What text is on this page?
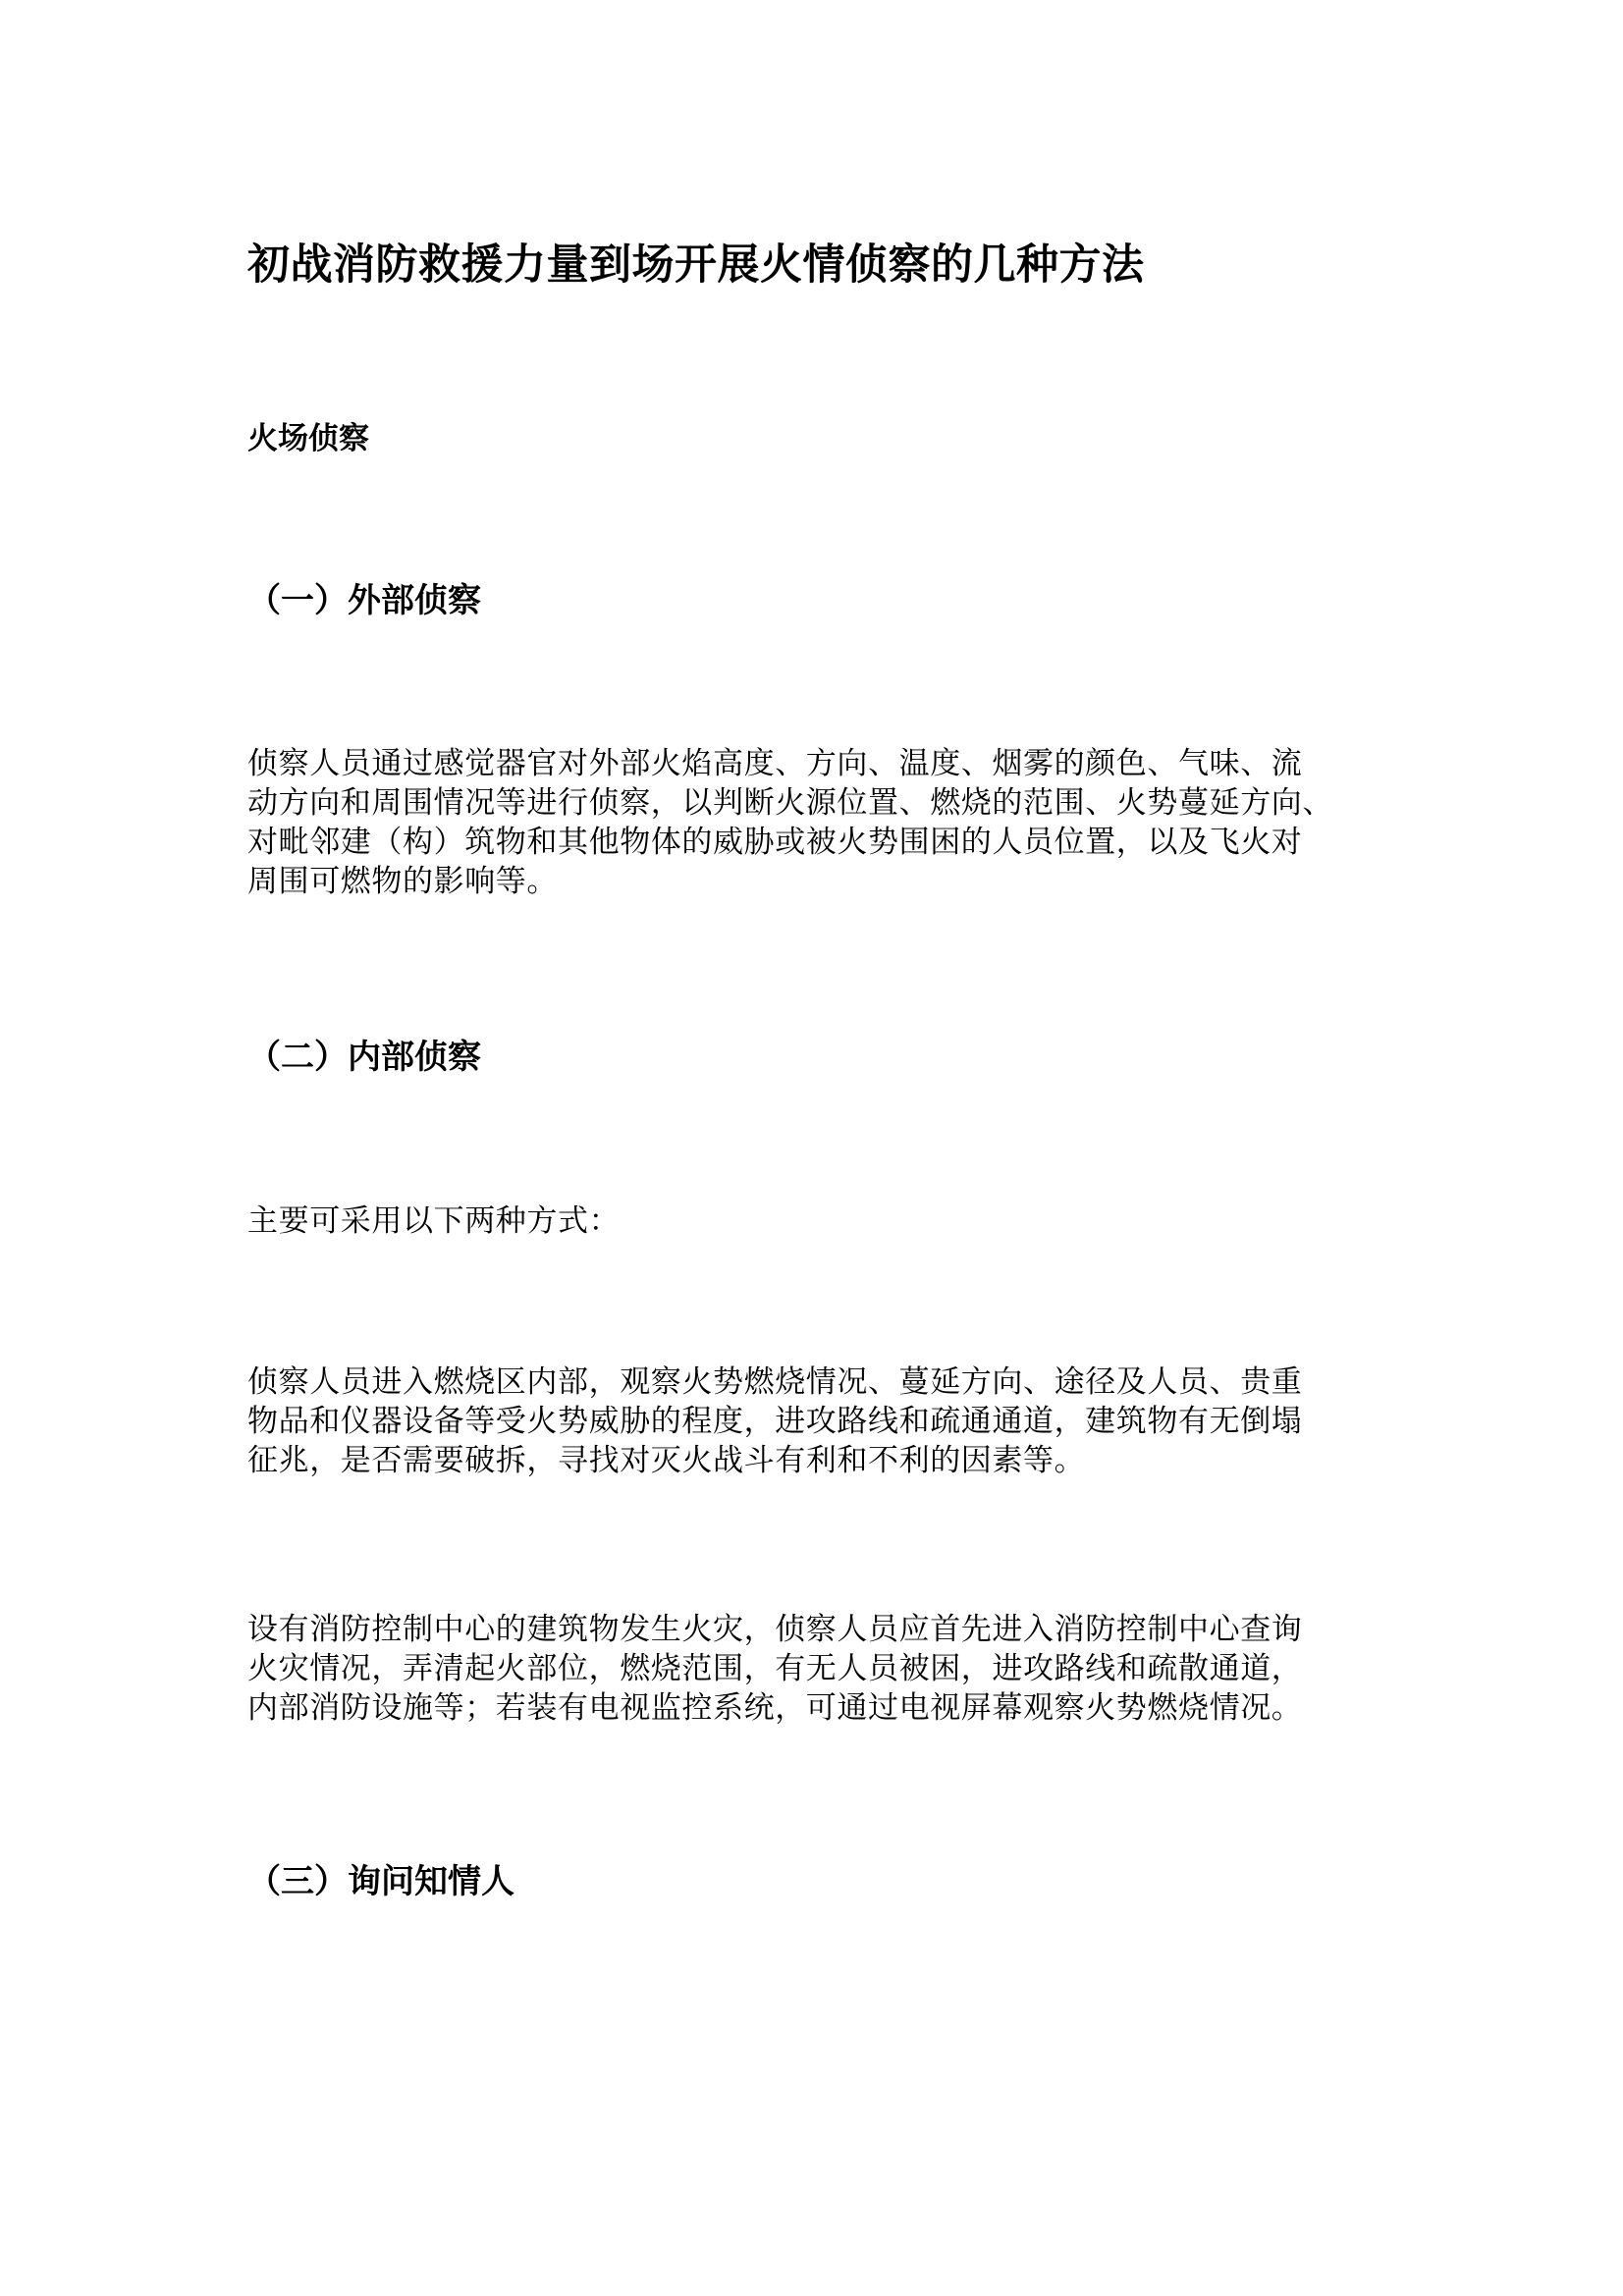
初战消防救援力量到场开展火情侦察的几种方法
火场侦察
（一）外部侦察
侦察人员通过感觉器官对外部火焰高度、方向、温度、烟雾的颜色、气味、流
动方向和周围情况等进行侦察，以判断火源位置、燃烧的范围、火势蔓延方向、
对毗邻建（构）筑物和其他物体的威胁或被火势围困的人员位置，以及飞火对
周围可燃物的影响等。
（二）内部侦察
主要可采用以下两种方式：
侦察人员进入燃烧区内部，观察火势燃烧情况、蔓延方向、途径及人员、贵重
物品和仪器设备等受火势威胁的程度，进攻路线和疏通通道，建筑物有无倒塌
征兆，是否需要破拆，寻找对灭火战斗有利和不利的因素等。
设有消防控制中心的建筑物发生火灾，侦察人员应首先进入消防控制中心查询
火灾情况，弄清起火部位，燃烧范围，有无人员被困，进攻路线和疏散通道，
内部消防设施等；若装有电视监控系统，可通过电视屏幕观察火势燃烧情况。
（三）询问知情人
